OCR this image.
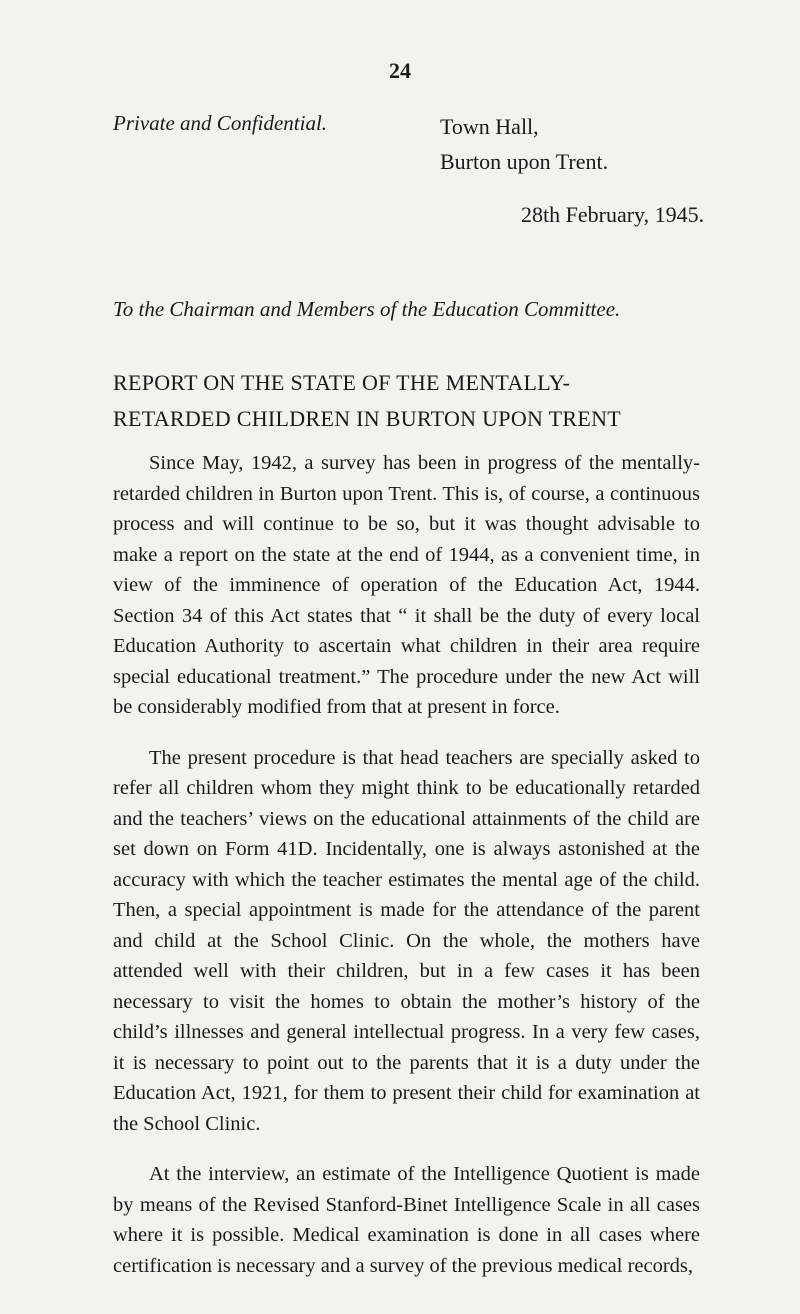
24
Private and Confidential.	Town Hall,
Burton upon Trent.
28th February, 1945.
To the Chairman and Members of the Education Committee.
REPORT ON THE STATE OF THE MENTALLY-
RETARDED CHILDREN IN BURTON UPON TRENT

Since May, 1942, a survey has been in progress of the mentally-retarded children in Burton upon Trent. This is, of course, a continuous process and will continue to be so, but it was thought advisable to make a report on the state at the end of 1944, as a convenient time, in view of the imminence of operation of the Education Act, 1944. Section 34 of this Act states that “ it shall be the duty of every local Education Authority to ascertain what children in their area require special educational treatment.” The procedure under the new Act will be considerably modified from that at present in force.

The present procedure is that head teachers are specially asked to refer all children whom they might think to be educationally retarded and the teachers’ views on the educational attainments of the child are set down on Form 41D. Incidentally, one is always astonished at the accuracy with which the teacher estimates the mental age of the child. Then, a special appointment is made for the attendance of the parent and child at the School Clinic. On the whole, the mothers have attended well with their children, but in a few cases it has been necessary to visit the homes to obtain the mother’s history of the child’s illnesses and general intellectual progress. In a very few cases, it is necessary to point out to the parents that it is a duty under the Education Act, 1921, for them to present their child for examination at the School Clinic.

At the interview, an estimate of the Intelligence Quotient is made by means of the Revised Stanford-Binet Intelligence Scale in all cases where it is possible. Medical examination is done in all cases where certification is necessary and a survey of the previous medical records,
